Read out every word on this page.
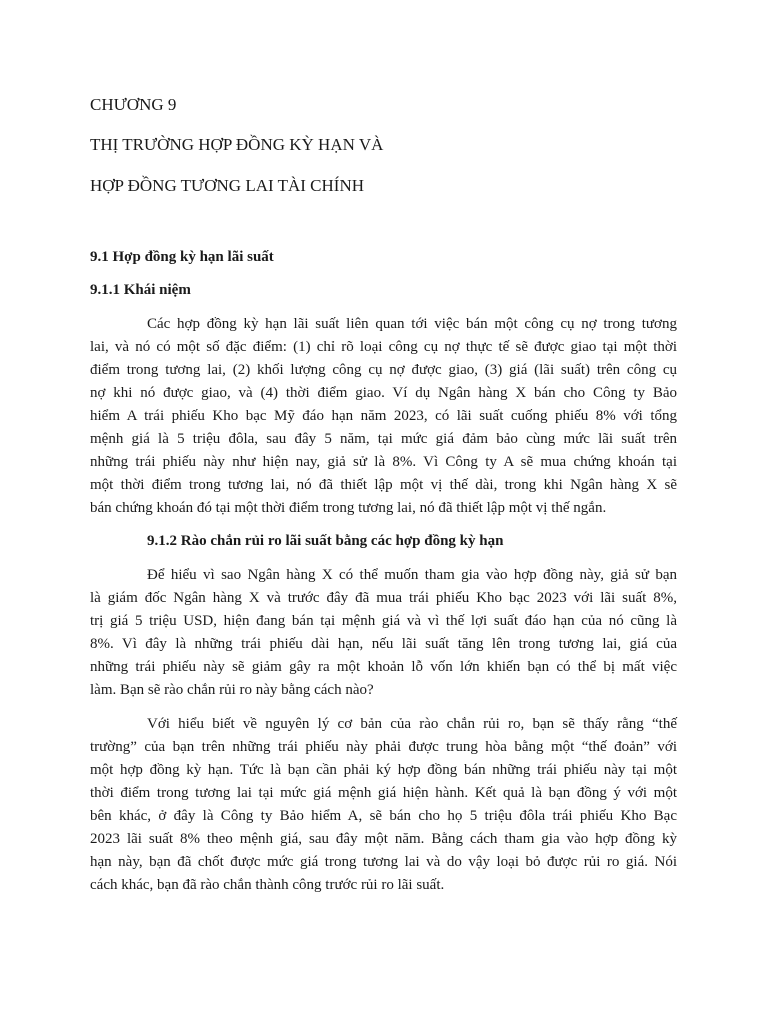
CHƯƠNG 9
THỊ TRƯỜNG HỢP ĐỒNG KỲ HẠN VÀ
HỢP ĐỒNG TƯƠNG LAI TÀI CHÍNH
9.1 Hợp đồng kỳ hạn lãi suất
9.1.1 Khái niệm
Các hợp đồng kỳ hạn lãi suất liên quan tới việc bán một công cụ nợ trong tương
lai, và nó có một số đặc điểm: (1) chỉ rõ loại công cụ nợ thực tế sẽ được giao tại một thời
điểm trong tương lai, (2) khối lượng công cụ nợ được giao, (3) giá (lãi suất) trên công cụ
nợ khi nó được giao, và (4) thời điểm giao. Ví dụ Ngân hàng X bán cho Công ty Bảo
hiểm A trái phiếu Kho bạc Mỹ đáo hạn năm 2023, có lãi suất cuống phiếu 8% với tổng
mệnh giá là 5 triệu đôla, sau đây 5 năm, tại mức giá đảm bảo cùng mức lãi suất trên
những trái phiếu này như hiện nay, giả sử là 8%. Vì Công ty A sẽ mua chứng khoán tại
một thời điểm trong tương lai, nó đã thiết lập một vị thế dài, trong khi Ngân hàng X sẽ
bán chứng khoán đó tại một thời điểm trong tương lai, nó đã thiết lập một vị thế ngắn.
9.1.2 Rào chắn rủi ro lãi suất bằng các hợp đồng kỳ hạn
Để hiểu vì sao Ngân hàng X có thể muốn tham gia vào hợp đồng này, giả sử bạn
là giám đốc Ngân hàng X và trước đây đã mua trái phiếu Kho bạc 2023 với lãi suất 8%,
trị giá 5 triệu USD, hiện đang bán tại mệnh giá và vì thế lợi suất đáo hạn của nó cũng là
8%. Vì đây là những trái phiếu dài hạn, nếu lãi suất tăng lên trong tương lai, giá của
những trái phiếu này sẽ giảm gây ra một khoản lỗ vốn lớn khiến bạn có thể bị mất việc
làm. Bạn sẽ rào chắn rủi ro này bằng cách nào?
Với hiểu biết về nguyên lý cơ bản của rào chắn rủi ro, bạn sẽ thấy rằng “thế
trường” của bạn trên những trái phiếu này phải được trung hòa bằng một “thế đoản” với
một hợp đồng kỳ hạn. Tức là bạn cần phải ký hợp đồng bán những trái phiếu này tại một
thời điểm trong tương lai tại mức giá mệnh giá hiện hành. Kết quả là bạn đồng ý với một
bên khác, ở đây là Công ty Bảo hiểm A, sẽ bán cho họ 5 triệu đôla trái phiếu Kho Bạc
2023 lãi suất 8% theo mệnh giá, sau đây một năm. Bằng cách tham gia vào hợp đồng kỳ
hạn này, bạn đã chốt được mức giá trong tương lai và do vậy loại bỏ được rủi ro giá. Nói
cách khác, bạn đã rào chắn thành công trước rủi ro lãi suất.
